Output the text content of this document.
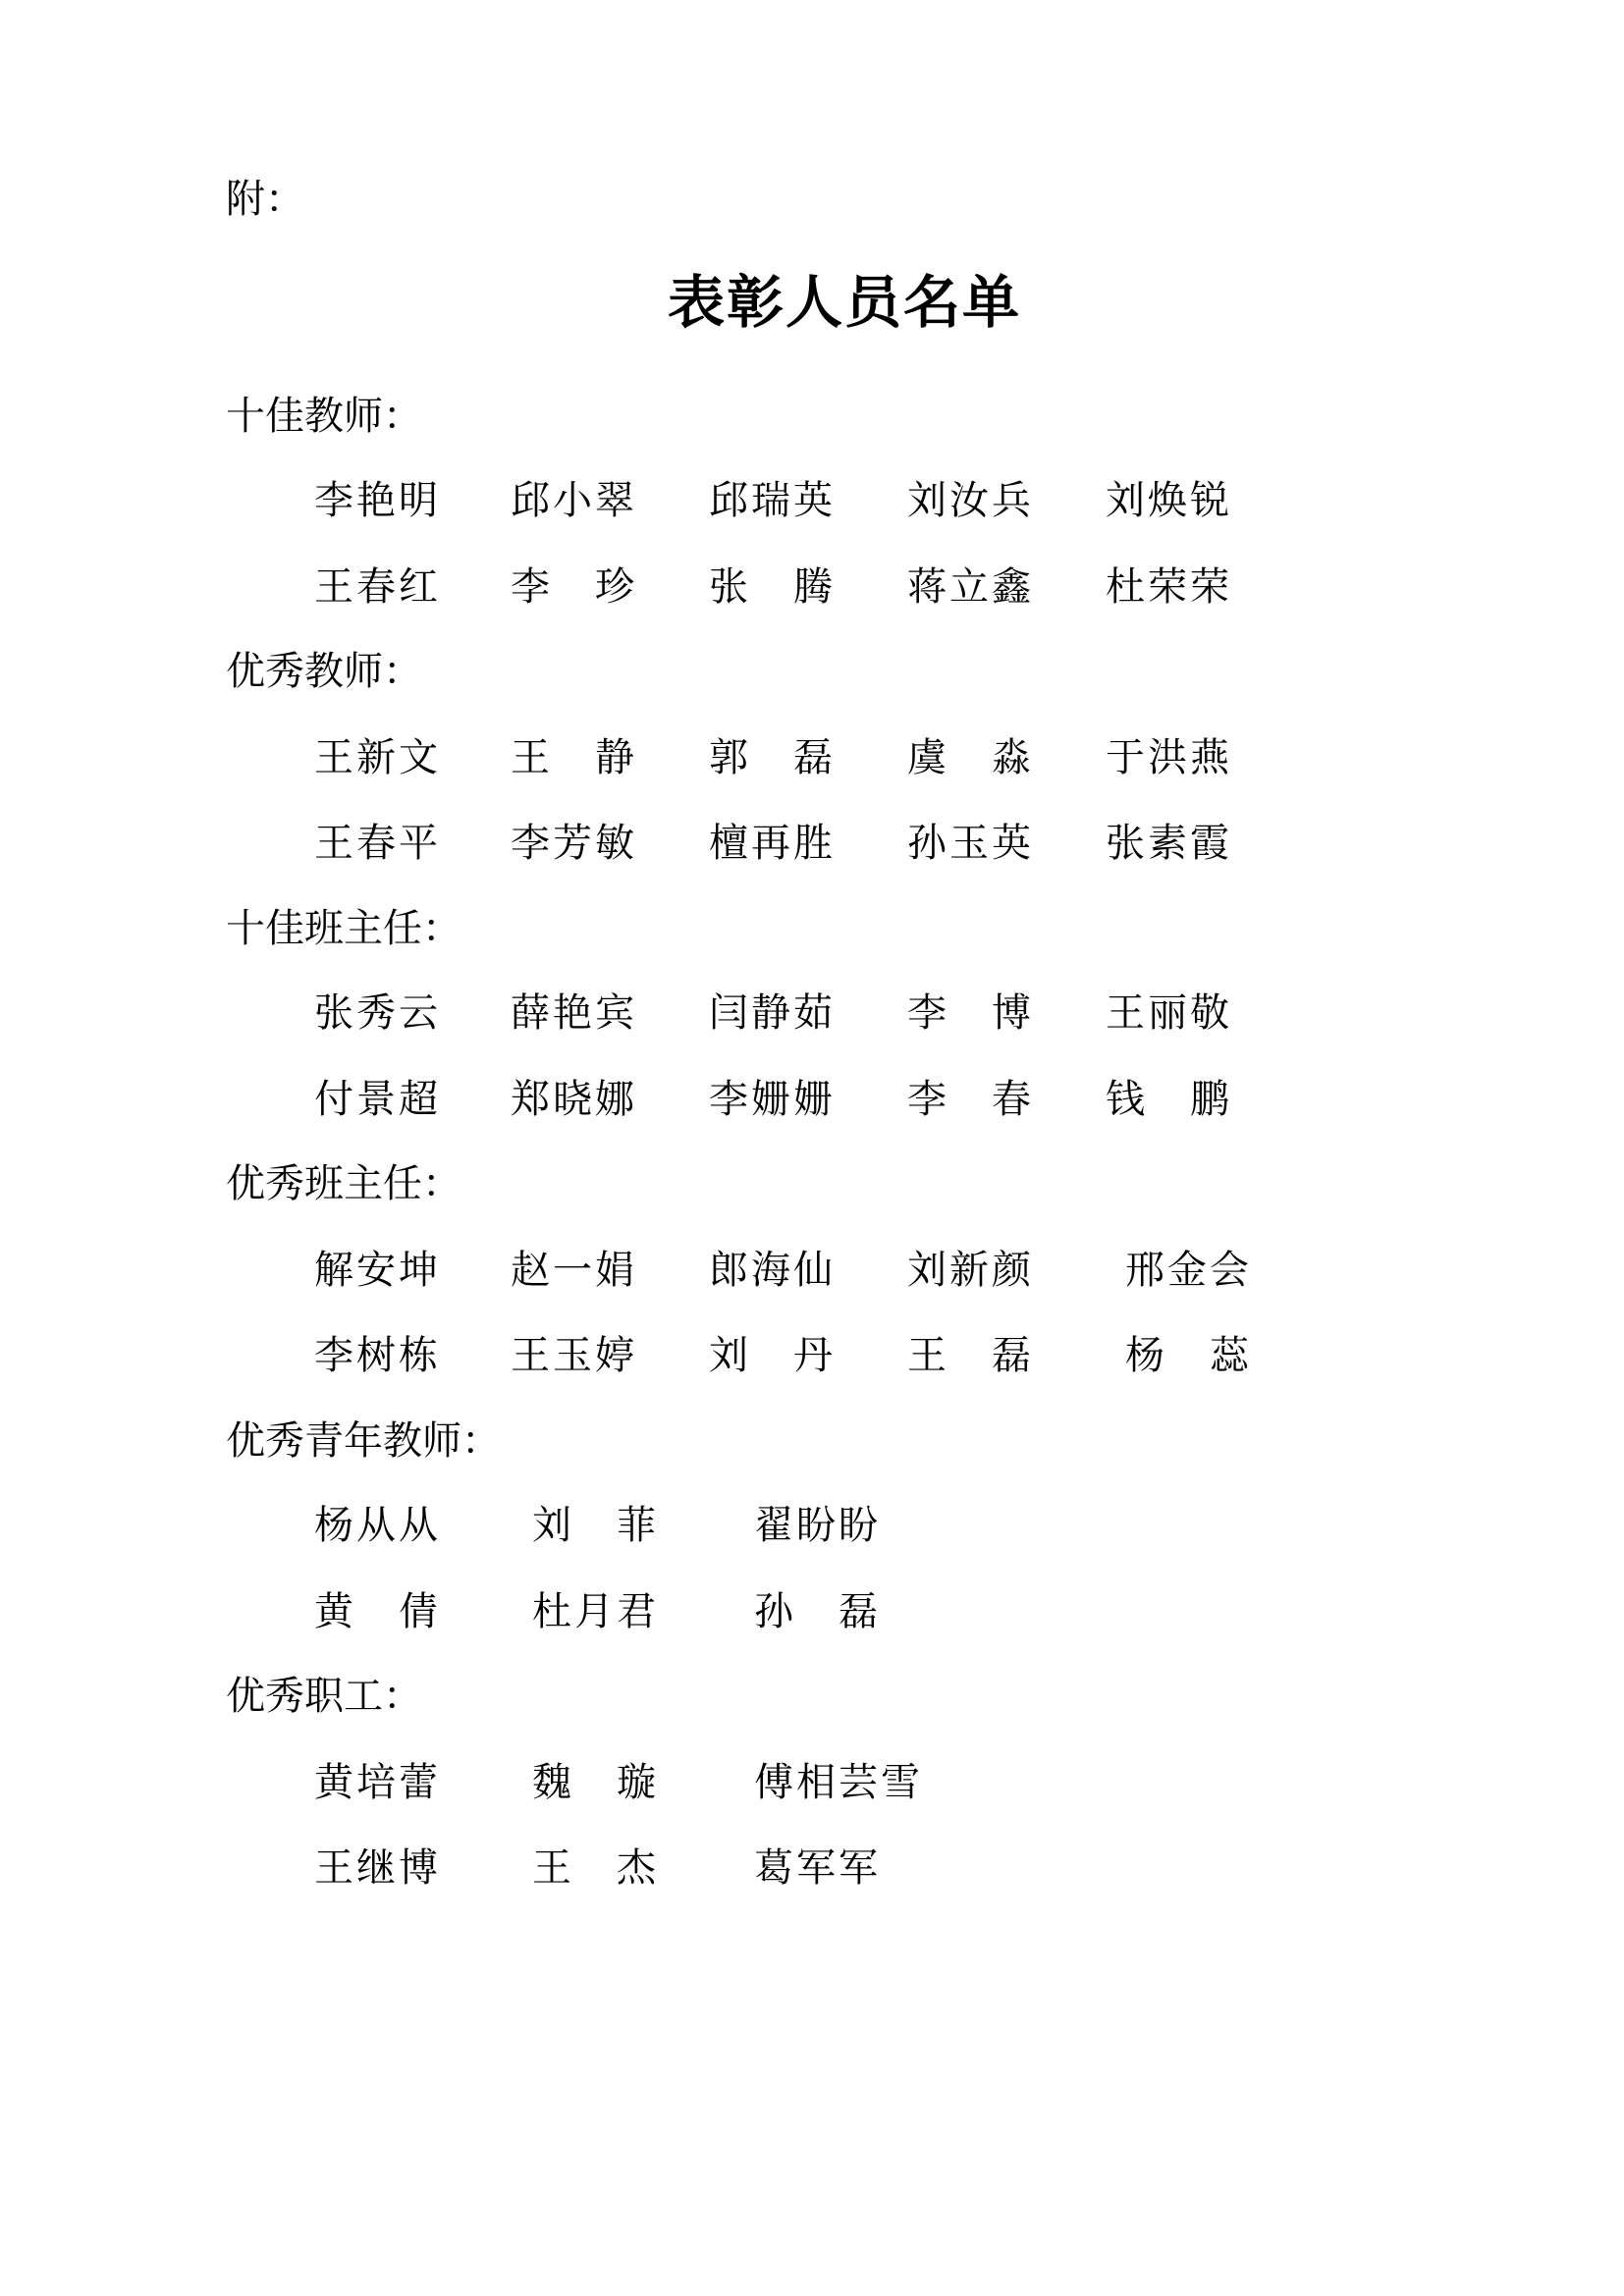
附：
表彰人员名单
十佳教师：
李艳明 邱小翠 邱瑞英 刘汝兵 刘焕锐
王春红 李　珍 张　腾 蒋立鑫 杜荣荣
优秀教师：
王新文 王　静 郭　磊 虞　淼 于洪燕
王春平 李芳敏 檀再胜 孙玉英 张素霞
十佳班主任：
张秀云 薛艳宾 闫静茹 李　博 王丽敬
付景超 郑晓娜 李姗姗 李　春 钱　鹏
优秀班主任：
解安坤 赵一娟 郎海仙 刘新颜 邢金会
李树栋 王玉婷 刘　丹 王　磊 杨　蕊
优秀青年教师：
杨从从 刘　菲 翟盼盼
黄　倩 杜月君 孙　磊
优秀职工：
黄培蕾 魏　璇 傅相芸雪
王继博 王　杰 葛军军
